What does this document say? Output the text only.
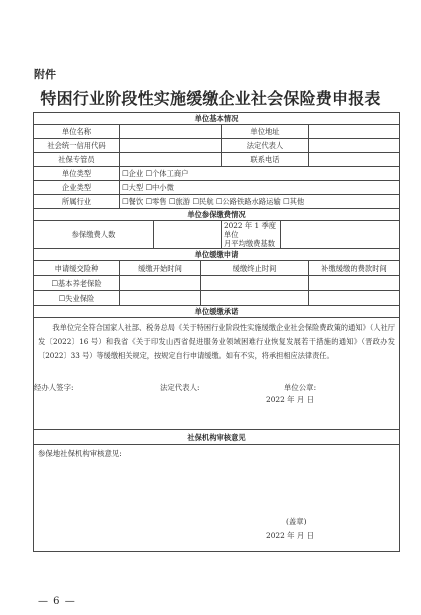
附件
特困行业阶段性实施缓缴企业社会保险费申报表
单位基本情况						
单位名称				单位地址		
社会统一信用代码				法定代表人		
社保专管员				联系电话		
单位类型	☐企业 ☐个体工商户					
企业类型	☐大型 ☐中小微					
所属行业	☐餐饮 ☐零售 ☐旅游 ☐民航 ☐公路铁路水路运输 ☐其他					
单位参保缴费情况						
参保缴费人数				2022 年 1 季度单位
月平均缴费基数		

单位缓缴申请						
申请缓交险种	缓缴开始时间		缓缴终止时间			补缴缓缴的费款时间
☐基本养老保险						
☐失业保险						
单位缓缴承诺						
我单位完全符合国家人社部、税务总局《关于特困行业阶段性实施缓缴企业社会保险费政策的通知》（人社厅发〔2022〕16 号）和我省《关于印发山西省促进服务业领域困难行业恢复发展若干措施的通知》（晋政办发〔2022〕33 号）等缓缴相关规定，按规定自行申请缓缴。如有不实，将承担相应法律责任。						

经办人签字: 法定代表人: 单位公章:
2022 年 月 日						

社保机构审核意见						

参保地社保机构审核意见:
(盖章)
2022 年 月 日						
— 6 —
